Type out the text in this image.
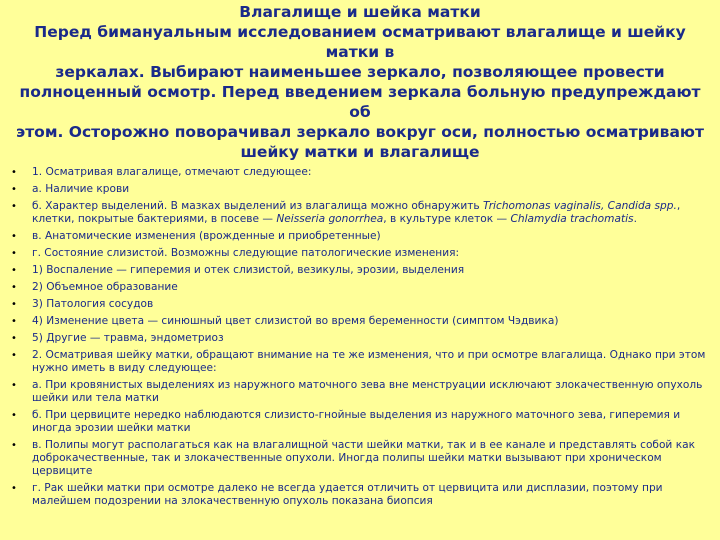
Влагалище и шейка матки
Перед бимануальным исследованием осматривают влагалище и шейку матки в
зеркалах. Выбирают наименьшее зеркало, позволяющее провести
полноценный осмотр. Перед введением зеркала больную предупреждают об
этом. Осторожно поворачивал зеркало вокруг оси, полностью осматривают
шейку матки и влагалище
• 1. Осматривая влагалище, отмечают следующее:
• а. Наличие крови
• б. Характер выделений. В мазках выделений из влагалища можно обнаружить Trichomonas vaginalis, Candida spp., клетки, покрытые бактериями, в посеве — Neisseria gonorrhea, в культуре клеток — Chlamydia trachomatis.
• в. Анатомические изменения (врожденные и приобретенные)
• г. Состояние слизистой. Возможны следующие патологические изменения:
• 1) Воспаление — гиперемия и отек слизистой, везикулы, эрозии, выделения
• 2) Объемное образование
• 3) Патология сосудов
• 4) Изменение цвета — синюшный цвет слизистой во время беременности (симптом Чэдвика)
• 5) Другие — травма, эндометриоз
• 2. Осматривая шейку матки, обращают внимание на те же изменения, что и при осмотре влагалища. Однако при этом нужно иметь в виду следующее:
• а. При кровянистых выделениях из наружного маточного зева вне менструации исключают злокачественную опухоль шейки или тела матки
• б. При цервиците нередко наблюдаются слизисто-гнойные выделения из наружного маточного зева, гиперемия и иногда эрозии шейки матки
• в. Полипы могут располагаться как на влагалищной части шейки матки, так и в ее канале и представлять собой как доброкачественные, так и злокачественные опухоли. Иногда полипы шейки матки вызывают при хроническом цервиците
• г. Рак шейки матки при осмотре далеко не всегда удается отличить от цервицита или дисплазии, поэтому при малейшем подозрении на злокачественную опухоль показана биопсия
